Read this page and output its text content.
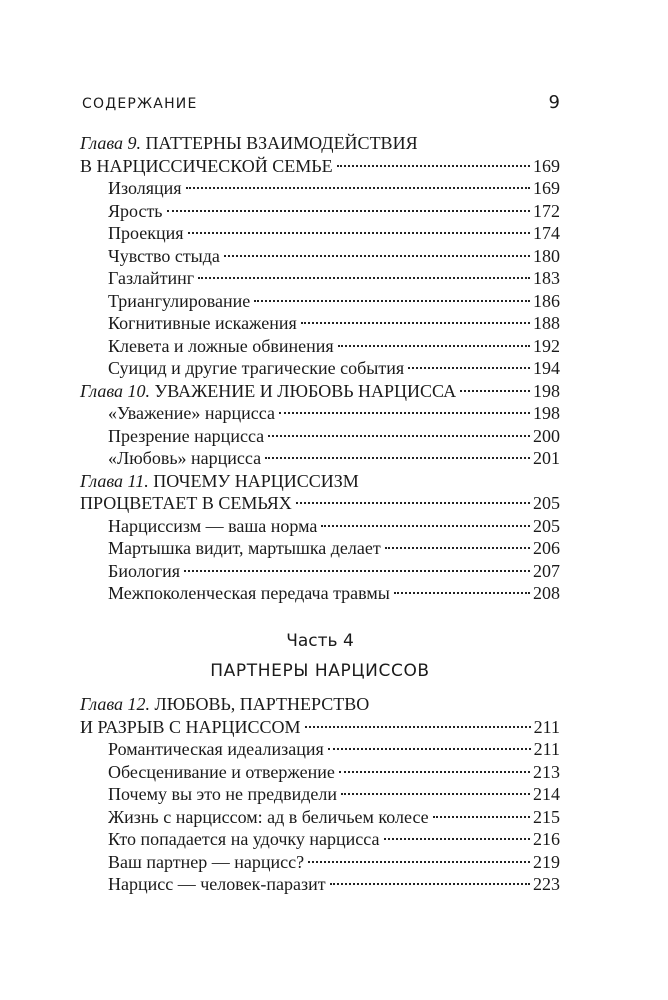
СОДЕРЖАНИЕ	9
Глава 9. ПАТТЕРНЫ ВЗАИМОДЕЙСТВИЯ
В НАРЦИССИЧЕСКОЙ СЕМЬЕ	169
Изоляция	169
Ярость	172
Проекция	174
Чувство стыда	180
Газлайтинг	183
Триангулирование	186
Когнитивные искажения	188
Клевета и ложные обвинения	192
Суицид и другие трагические события	194
Глава 10. УВАЖЕНИЕ И ЛЮБОВЬ НАРЦИССА	198
«Уважение» нарцисса	198
Презрение нарцисса	200
«Любовь» нарцисса	201
Глава 11. ПОЧЕМУ НАРЦИССИЗМ
ПРОЦВЕТАЕТ В СЕМЬЯХ	205
Нарциссизм — ваша норма	205
Мартышка видит, мартышка делает	206
Биология	207
Межпоколенческая передача травмы	208
Часть 4
ПАРТНЕРЫ НАРЦИССОВ
Глава 12. ЛЮБОВЬ, ПАРТНЕРСТВО
И РАЗРЫВ С НАРЦИССОМ	211
Романтическая идеализация	211
Обесценивание и отвержение	213
Почему вы это не предвидели	214
Жизнь с нарциссом: ад в беличьем колесе	215
Кто попадается на удочку нарцисса	216
Ваш партнер — нарцисс?	219
Нарцисс — человек-паразит	223
